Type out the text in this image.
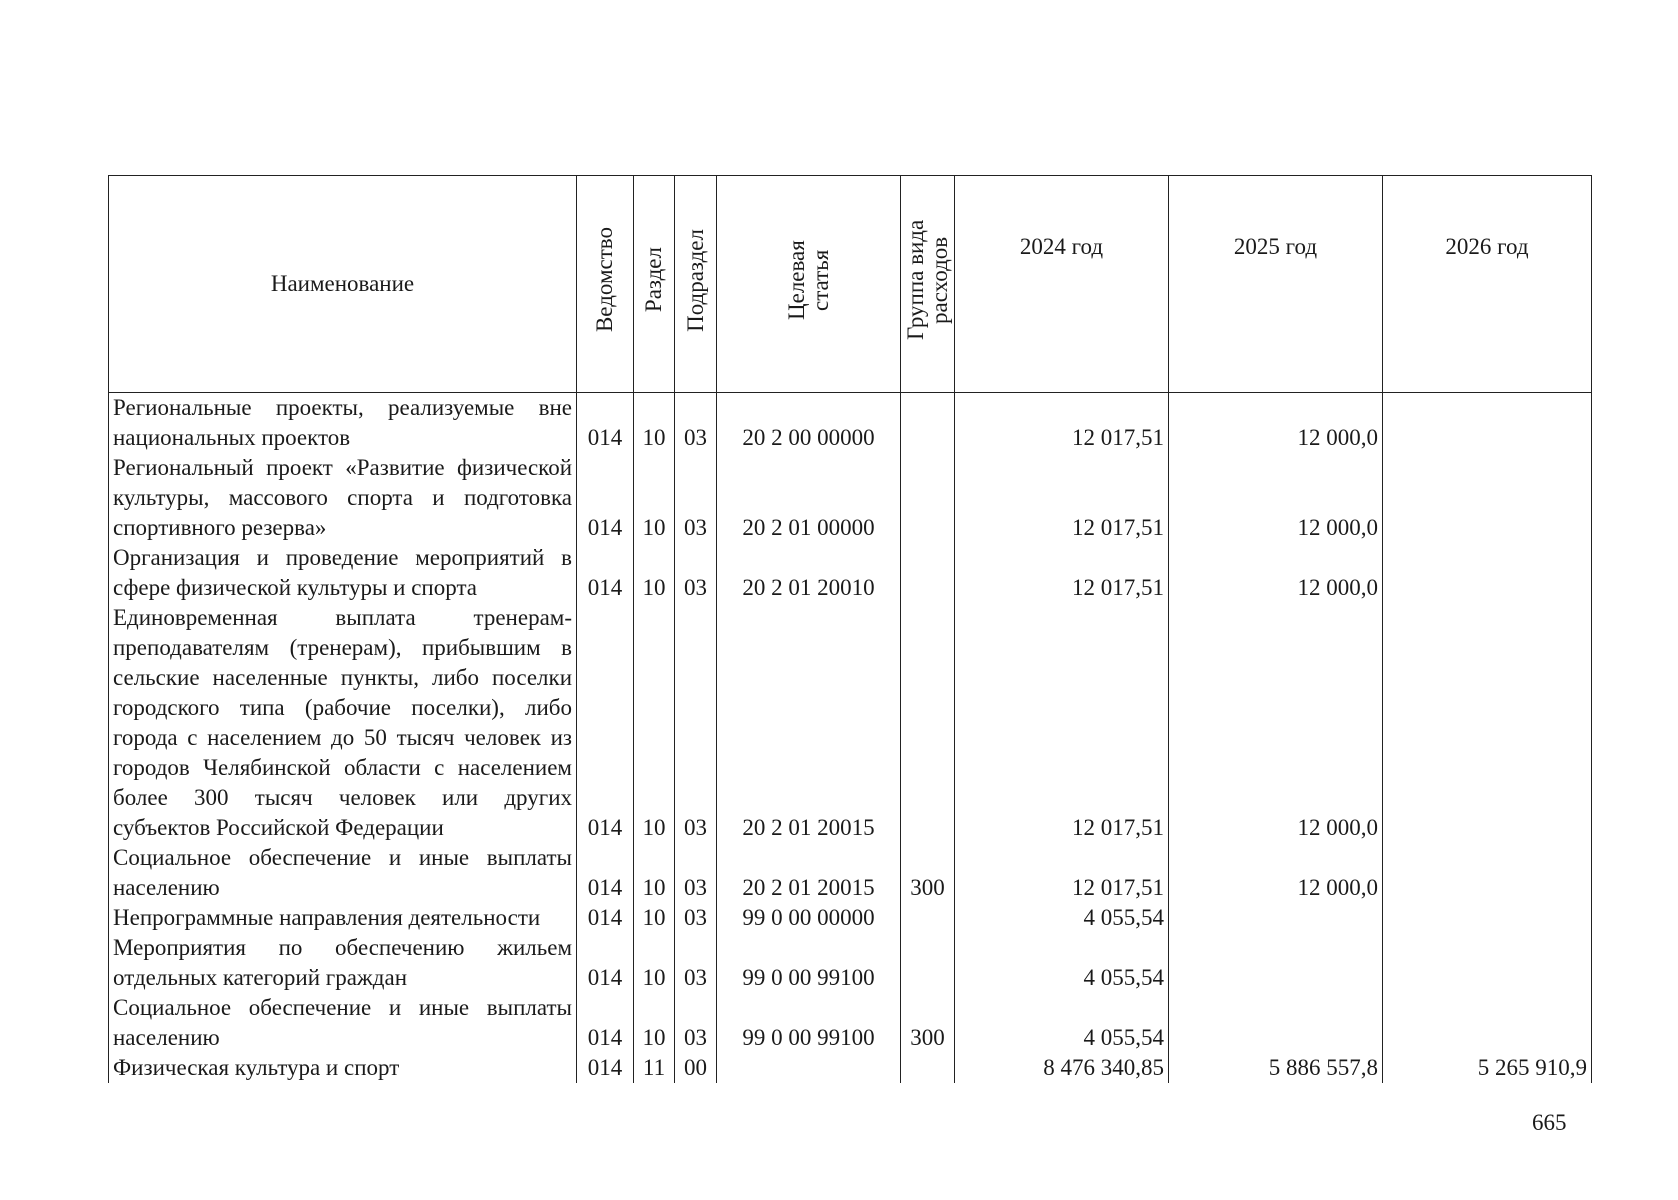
Наименование	Ведомство	Раздел	Подраздел	Целевая статья	Группа вида расходов	2024 год	2025 год	2026 год
Региональные проекты, реализуемые вне национальных проектов	014	10	03	20 2 00 00000		12 017,51	12 000,0	
Региональный проект «Развитие физической культуры, массового спорта и подготовка спортивного резерва»	014	10	03	20 2 01 00000		12 017,51	12 000,0	
Организация и проведение мероприятий в сфере физической культуры и спорта	014	10	03	20 2 01 20010		12 017,51	12 000,0	
Единовременная выплата тренерам-преподавателям (тренерам), прибывшим в сельские населенные пункты, либо поселки городского типа (рабочие поселки), либо города с населением до 50 тысяч человек из городов Челябинской области с населением более 300 тысяч человек или других субъектов Российской Федерации	014	10	03	20 2 01 20015		12 017,51	12 000,0	
Социальное обеспечение и иные выплаты населению	014	10	03	20 2 01 20015	300	12 017,51	12 000,0	
Непрограммные направления деятельности	014	10	03	99 0 00 00000		4 055,54		
Мероприятия по обеспечению жильем отдельных категорий граждан	014	10	03	99 0 00 99100		4 055,54		
Социальное обеспечение и иные выплаты населению	014	10	03	99 0 00 99100	300	4 055,54		
Физическая культура и спорт	014	11	00			8 476 340,85	5 886 557,8	5 265 910,9
665
